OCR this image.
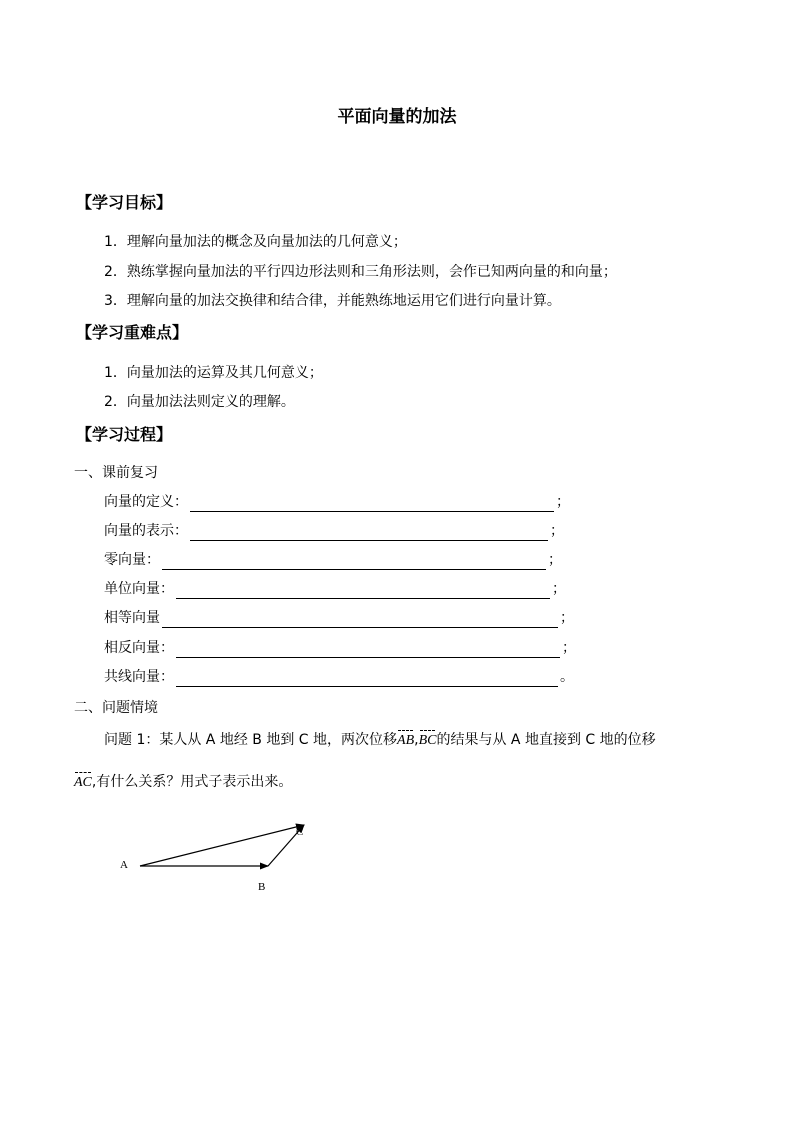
平面向量的加法
【学习目标】
1．理解向量加法的概念及向量加法的几何意义；
2．熟练掌握向量加法的平行四边形法则和三角形法则，会作已知两向量的和向量；
3．理解向量的加法交换律和结合律，并能熟练地运用它们进行向量计算。
【学习重难点】
1．向量加法的运算及其几何意义；
2．向量加法法则定义的理解。
【学习过程】
一、课前复习
向量的定义：	；
向量的表示：	；
零向量：	；
单位向量：	；
相等向量	；
相反向量：	；
共线向量：	。
二、问题情境
问题 1：某人从 A 地经 B 地到 C 地，两次位移AB,BC的结果与从 A 地直接到 C 地的位移
AC,有什么关系？用式子表示出来。
A
B
C
